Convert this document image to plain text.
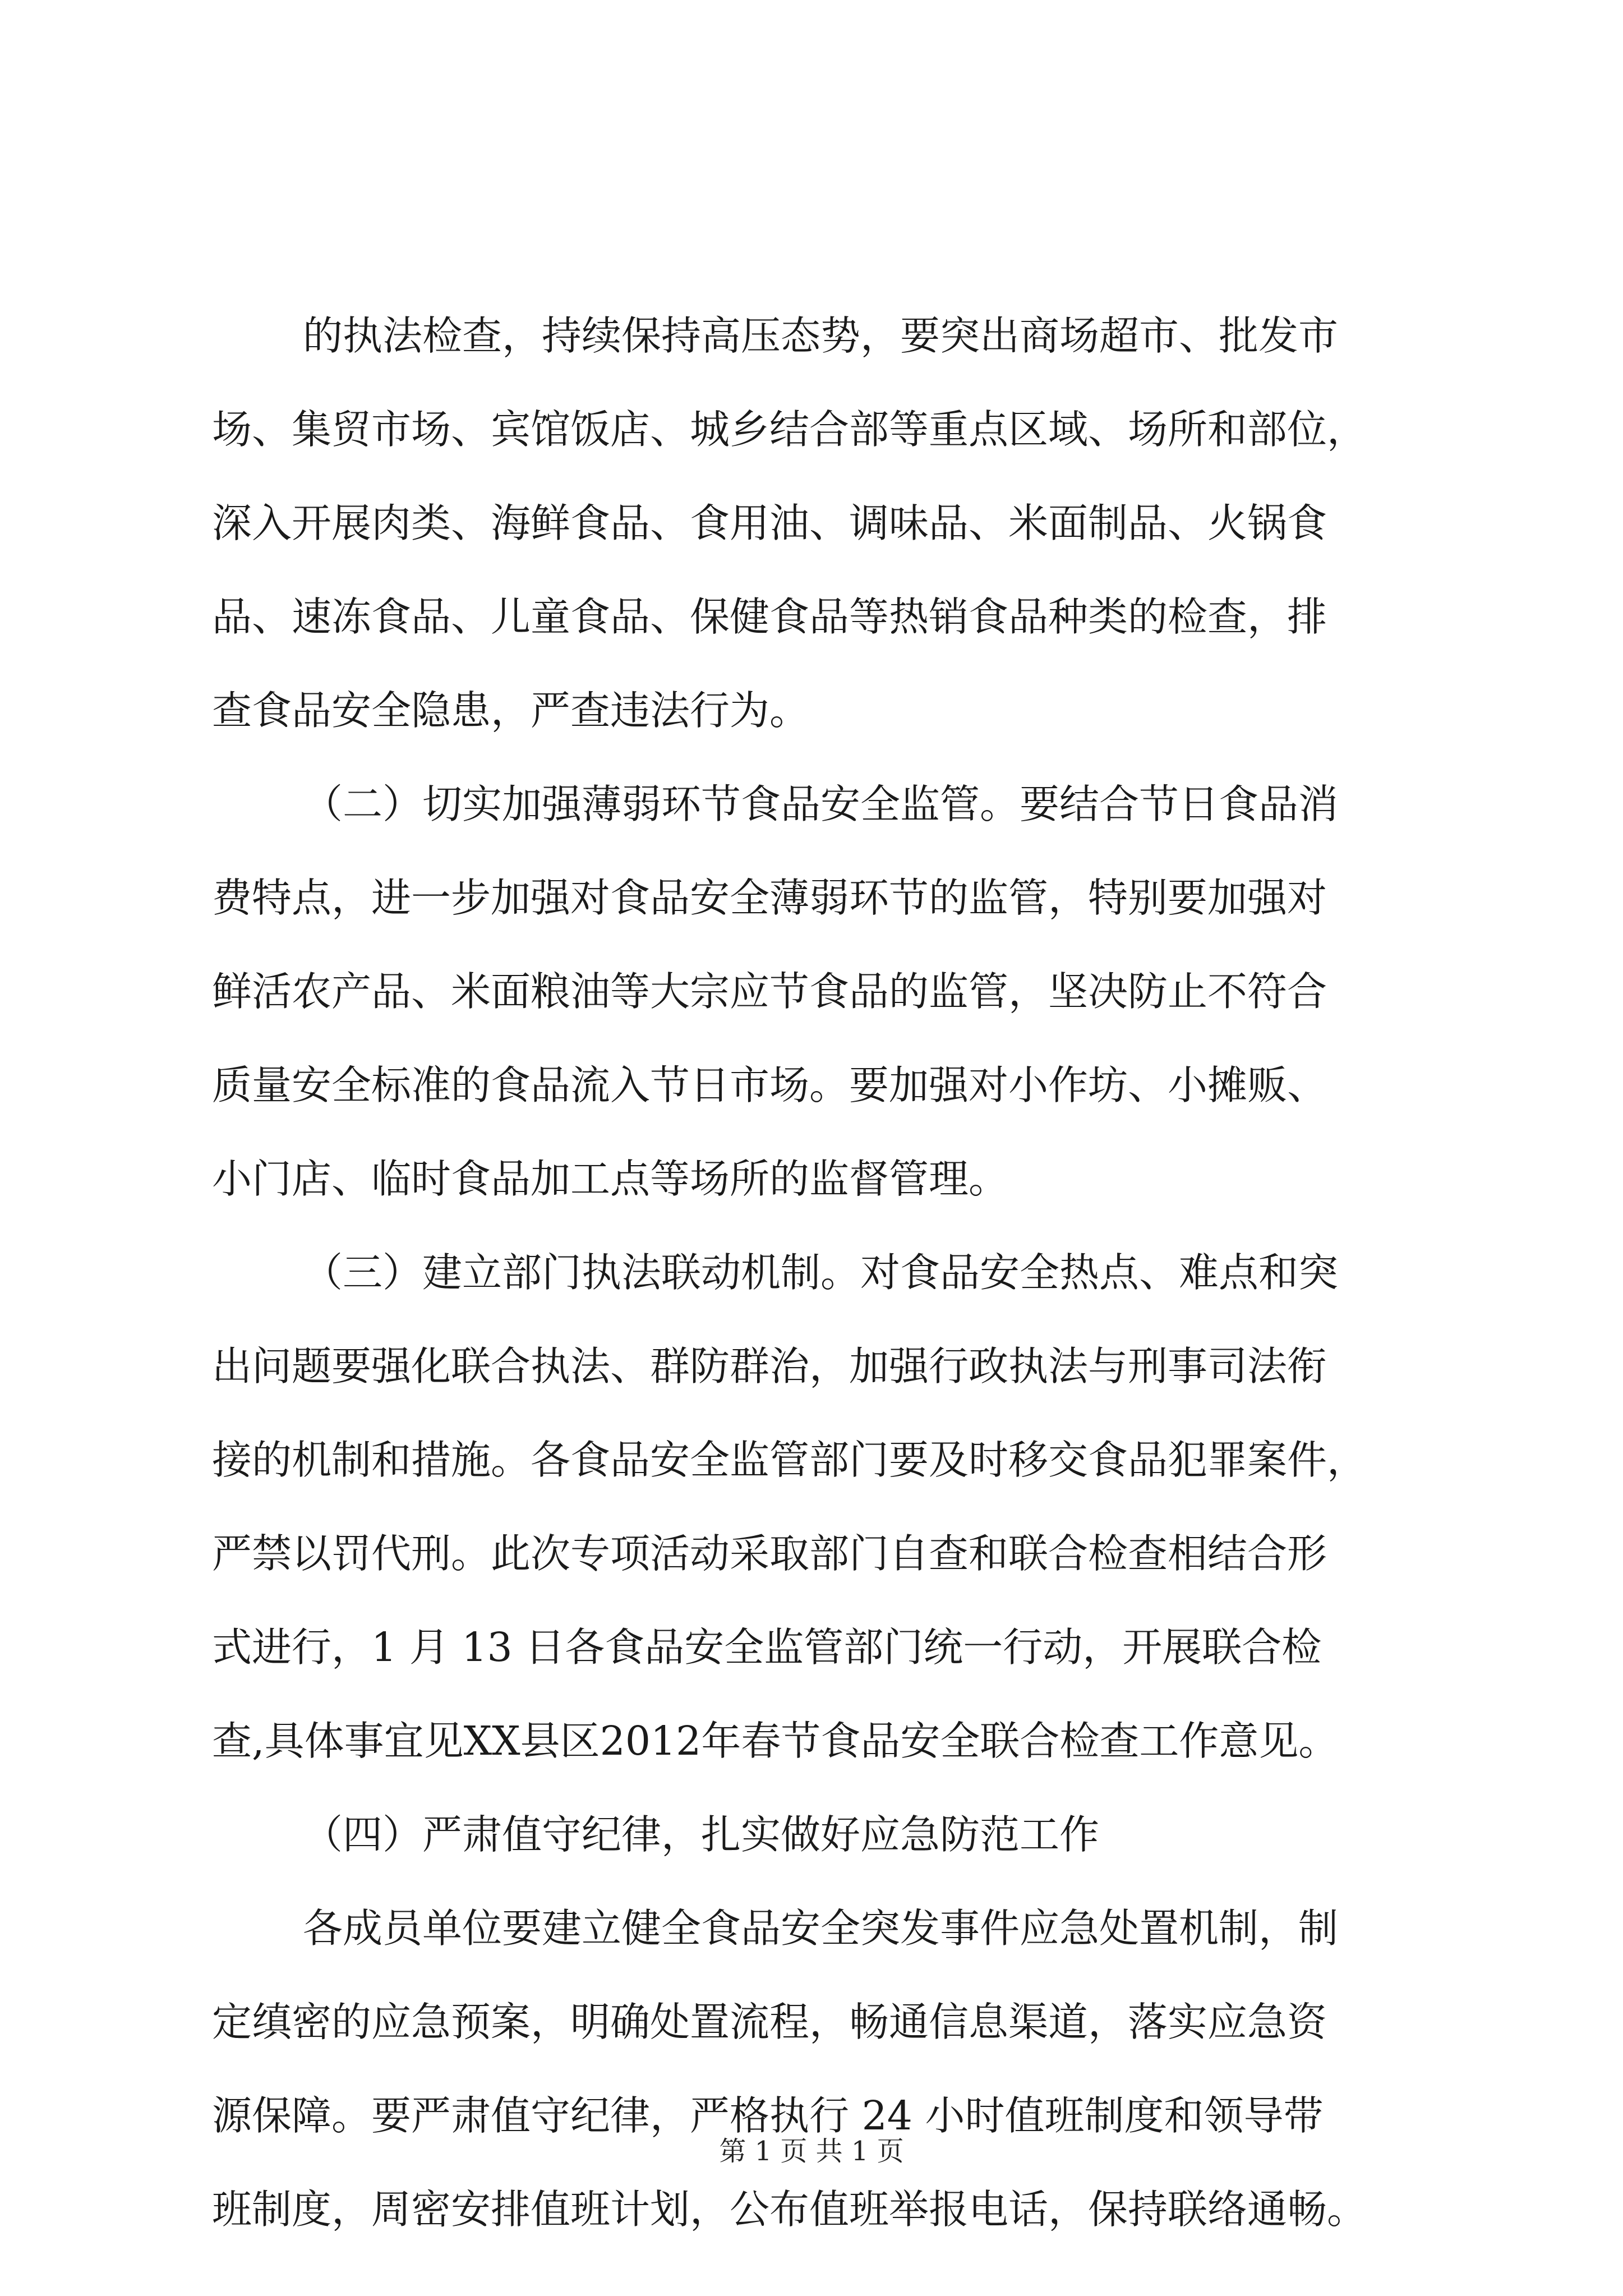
的执法检查，持续保持高压态势，要突出商场超市、批发市
场、集贸市场、宾馆饭店、城乡结合部等重点区域、场所和部位，
深入开展肉类、海鲜食品、食用油、调味品、米面制品、火锅食
品、速冻食品、儿童食品、保健食品等热销食品种类的检查，排
查食品安全隐患，严查违法行为。
（二）切实加强薄弱环节食品安全监管。要结合节日食品消
费特点，进一步加强对食品安全薄弱环节的监管，特别要加强对
鲜活农产品、米面粮油等大宗应节食品的监管，坚决防止不符合
质量安全标准的食品流入节日市场。要加强对小作坊、小摊贩、
小门店、临时食品加工点等场所的监督管理。
（三）建立部门执法联动机制。对食品安全热点、难点和突
出问题要强化联合执法、群防群治，加强行政执法与刑事司法衔
接的机制和措施。各食品安全监管部门要及时移交食品犯罪案件，
严禁以罚代刑。此次专项活动采取部门自查和联合检查相结合形
式进行，1 月 13 日各食品安全监管部门统一行动，开展联合检
查,具体事宜见XX县区2012年春节食品安全联合检查工作意见。
（四）严肃值守纪律，扎实做好应急防范工作
各成员单位要建立健全食品安全突发事件应急处置机制，制
定缜密的应急预案，明确处置流程，畅通信息渠道，落实应急资
源保障。要严肃值守纪律，严格执行 24 小时值班制度和领导带
班制度，周密安排值班计划，公布值班举报电话，保持联络通畅。
第 1 页 共 1 页
